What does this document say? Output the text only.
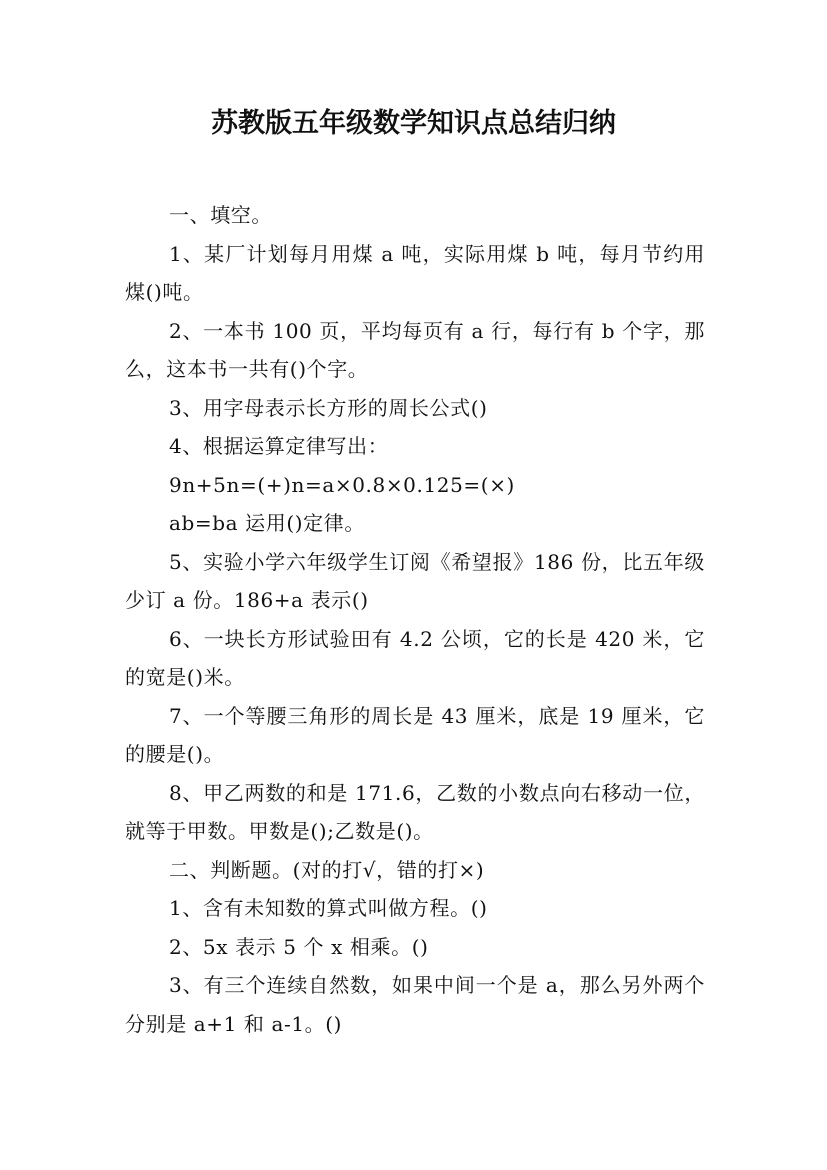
苏教版五年级数学知识点总结归纳

一、填空。

1、某厂计划每月用煤 a 吨，实际用煤 b 吨，每月节约用煤()吨。

2、一本书 100 页，平均每页有 a 行，每行有 b 个字，那么，这本书一共有()个字。

3、用字母表示长方形的周长公式()

4、根据运算定律写出：

9n+5n=(+)n=a×0.8×0.125=(×)

ab=ba 运用()定律。

5、实验小学六年级学生订阅《希望报》186 份，比五年级少订 a 份。186+a 表示()

6、一块长方形试验田有 4.2 公顷，它的长是 420 米，它的宽是()米。

7、一个等腰三角形的周长是 43 厘米，底是 19 厘米，它的腰是()。

8、甲乙两数的和是 171.6，乙数的小数点向右移动一位，就等于甲数。甲数是();乙数是()。

二、判断题。(对的打√，错的打×)

1、含有未知数的算式叫做方程。()

2、5x 表示 5 个 x 相乘。()

3、有三个连续自然数，如果中间一个是 a，那么另外两个分别是 a+1 和 a-1。()
